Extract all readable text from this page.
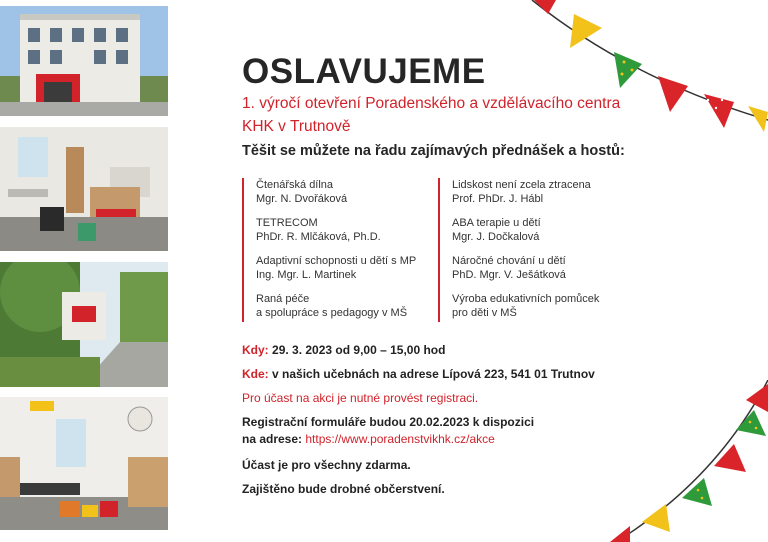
OSLAVUJEME
1. výročí otevření Poradenského a vzdělávacího centra KHK v Trutnově
Těšit se můžete na řadu zajímavých přednášek a hostů:
Čtenářská dílna
Mgr. N. Dvořáková
TETRECOM
PhDr. R. Mlčáková, Ph.D.
Adaptivní schopnosti u dětí s MP
Ing. Mgr. L. Martinek
Raná péče
a spolupráce s pedagogy v MŠ
Lidskost není zcela ztracena
Prof. PhDr. J. Hábl
ABA terapie u dětí
Mgr. J. Dočkalová
Náročné chování u dětí
PhD. Mgr. V. Ješátková
Výroba edukativních pomůcek
pro děti v MŠ
Kdy: 29. 3. 2023 od 9,00 – 15,00 hod
Kde: v našich učebnách na adrese Lípová 223, 541 01 Trutnov
Pro účast na akci je nutné provést registraci.
Registrační formuláře budou 20.02.2023 k dispozici
na adrese: https://www.poradenstvikhk.cz/akce
Účast je pro všechny zdarma.
Zajištěno bude drobné občerstvení.
